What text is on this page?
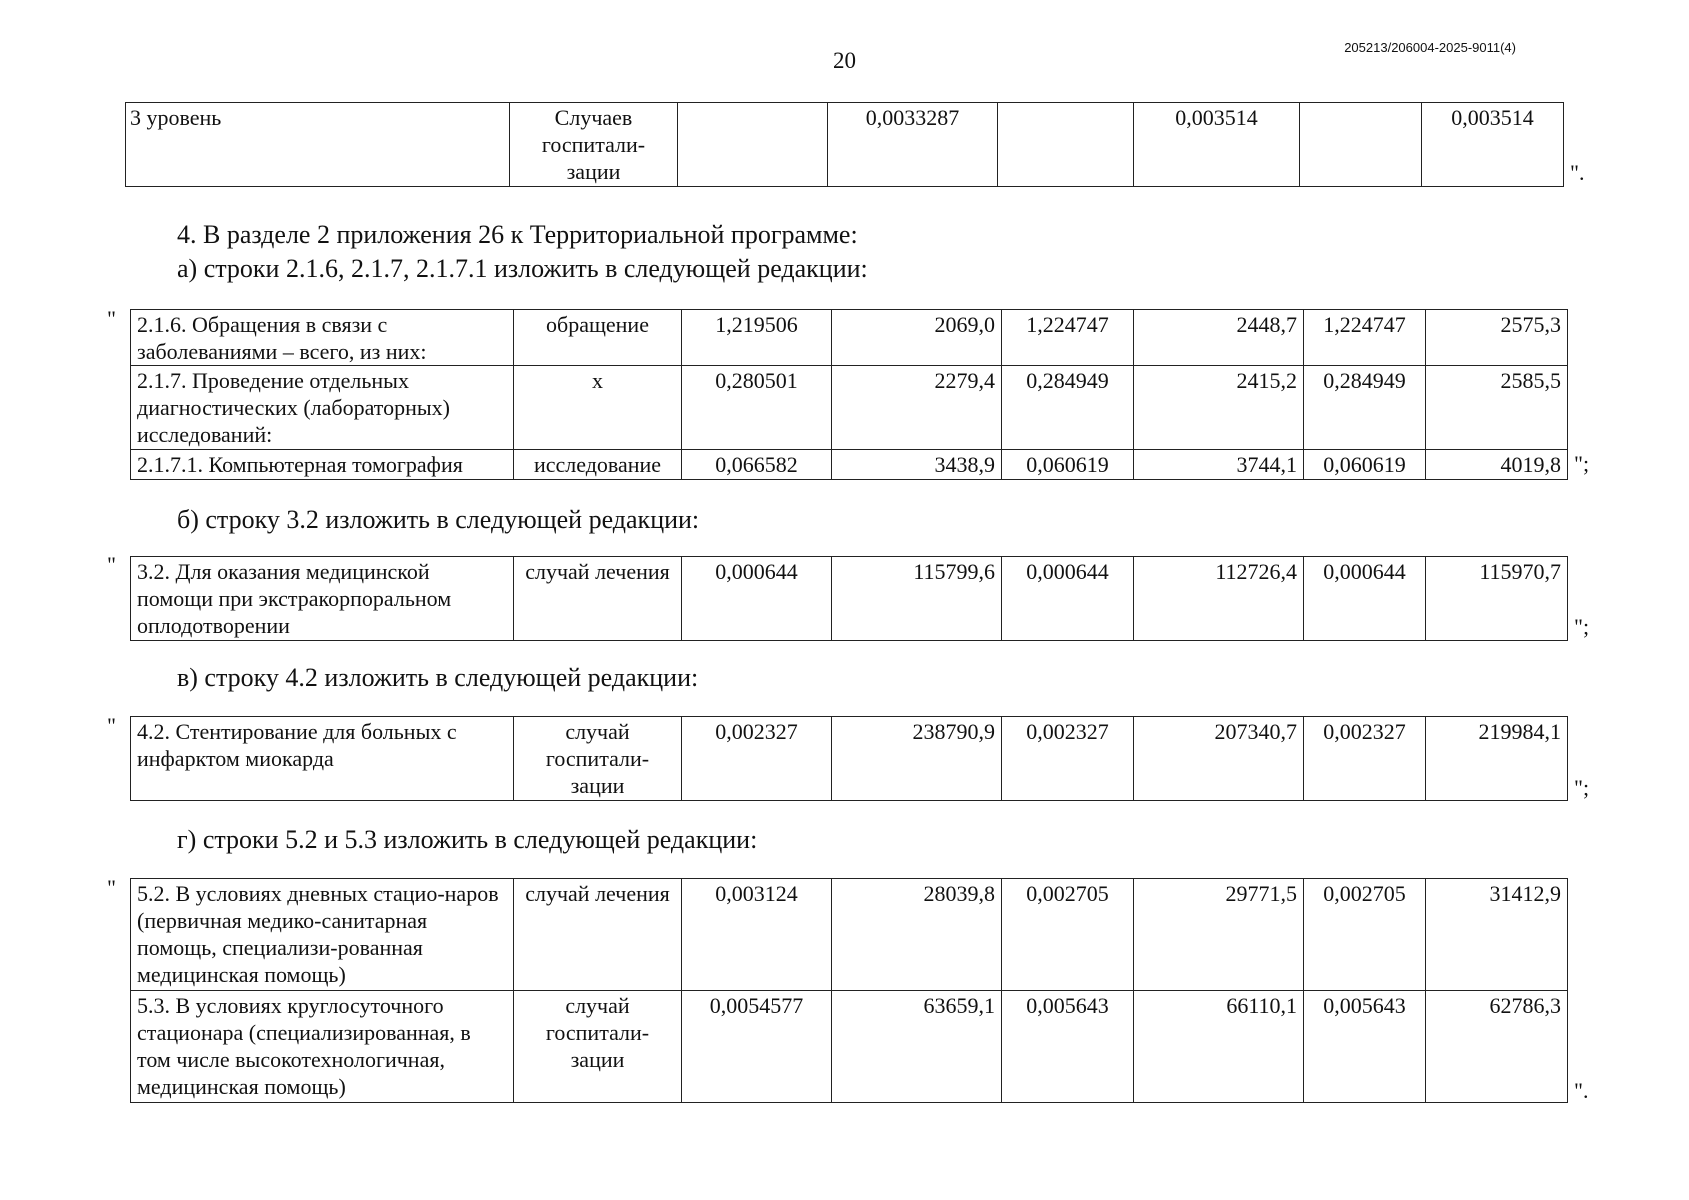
20
205213/206004-2025-9011(4)
3 уровень	Случаев госпитали-зации		0,0033287		0,003514		0,003514
".

4. В разделе 2 приложения 26 к Территориальной программе:

а) строки 2.1.6, 2.1.7, 2.1.7.1 изложить в следующей редакции:

" 2.1.6. Обращения в связи с заболеваниями – всего, из них:	обращение	1,219506	2069,0	1,224747	2448,7	1,224747	2575,3
2.1.7. Проведение отдельных диагностических (лабораторных) исследований:	х	0,280501	2279,4	0,284949	2415,2	0,284949	2585,5
2.1.7.1. Компьютерная томография	исследование	0,066582	3438,9	0,060619	3744,1	0,060619	4019,8 ";

б) строку 3.2 изложить в следующей редакции:

" 3.2. Для оказания медицинской помощи при экстракорпоральном оплодотворении	случай лечения	0,000644	115799,6	0,000644	112726,4	0,000644	115970,7
";

в) строку 4.2 изложить в следующей редакции:

" 4.2. Стентирование для больных с инфарктом миокарда	случай госпитали-зации	0,002327	238790,9	0,002327	207340,7	0,002327	219984,1
";

г) строки 5.2 и 5.3 изложить в следующей редакции:

" 5.2. В условиях дневных стацио-наров (первичная медико-санитарная помощь, специализи-рованная медицинская помощь)	случай лечения	0,003124	28039,8	0,002705	29771,5	0,002705	31412,9
5.3. В условиях круглосуточного стационара (специализированная, в том числе высокотехнологичная, медицинская помощь)	случай госпитали-зации	0,0054577	63659,1	0,005643	66110,1	0,005643	62786,3
".
